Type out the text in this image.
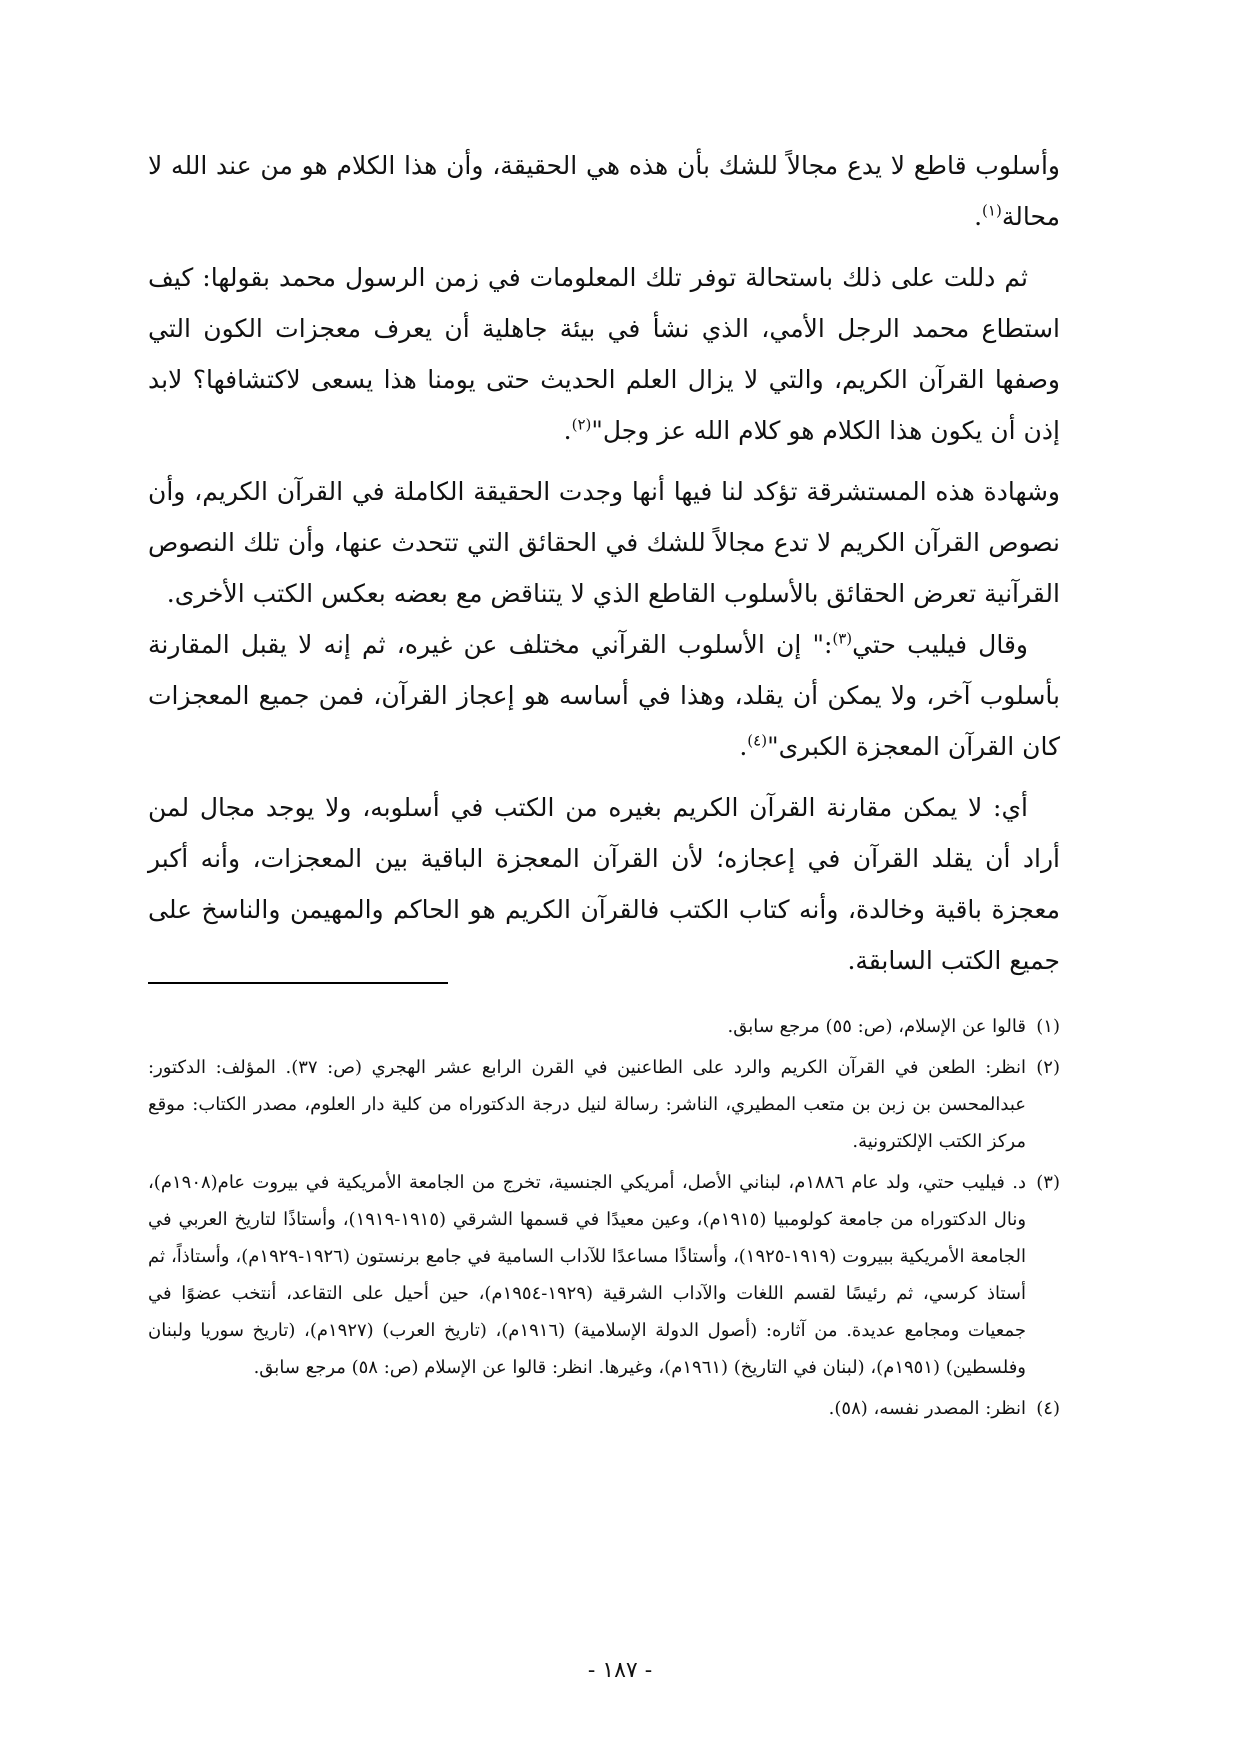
وأسلوب قاطع لا يدع مجالاً للشك بأن هذه هي الحقيقة، وأن هذا الكلام هو من عند الله لا محالة$^{(١)}$.

ثم دللت على ذلك باستحالة توفر تلك المعلومات في زمن الرسول محمد بقولها: كيف استطاع محمد الرجل الأمي، الذي نشأ في بيئة جاهلية أن يعرف معجزات الكون التي وصفها القرآن الكريم، والتي لا يزال العلم الحديث حتى يومنا هذا يسعى لاكتشافها؟ لابد إذن أن يكون هذا الكلام هو كلام الله عز وجل"$^{(٢)}$.

وشهادة هذه المستشرقة تؤكد لنا فيها أنها وجدت الحقيقة الكاملة في القرآن الكريم، وأن نصوص القرآن الكريم لا تدع مجالاً للشك في الحقائق التي تتحدث عنها، وأن تلك النصوص القرآنية تعرض الحقائق بالأسلوب القاطع الذي لا يتناقض مع بعضه بعكس الكتب الأخرى.

وقال فيليب حتي$^{(٣)}$:" إن الأسلوب القرآني مختلف عن غيره، ثم إنه لا يقبل المقارنة بأسلوب آخر، ولا يمكن أن يقلد، وهذا في أساسه هو إعجاز القرآن، فمن جميع المعجزات كان القرآن المعجزة الكبرى"$^{(٤)}$.

أي: لا يمكن مقارنة القرآن الكريم بغيره من الكتب في أسلوبه، ولا يوجد مجال لمن أراد أن يقلد القرآن في إعجازه؛ لأن القرآن المعجزة الباقية بين المعجزات، وأنه أكبر معجزة باقية وخالدة، وأنه كتاب الكتب فالقرآن الكريم هو الحاكم والمهيمن والناسخ على جميع الكتب السابقة.

(١)
قالوا عن الإسلام، (ص: ٥٥) مرجع سابق.
(٢)
انظر: الطعن في القرآن الكريم والرد على الطاعنين في القرن الرابع عشر الهجري (ص: ٣٧). المؤلف: الدكتور: عبدالمحسن بن زبن بن متعب المطيري، الناشر: رسالة لنيل درجة الدكتوراه من كلية دار العلوم، مصدر الكتاب: موقع مركز الكتب الإلكترونية.
(٣)
د. فيليب حتي، ولد عام ١٨٨٦م، لبناني الأصل، أمريكي الجنسية، تخرج من الجامعة الأمريكية في بيروت عام(١٩٠٨م)، ونال الدكتوراه من جامعة كولومبيا (١٩١٥م)، وعين معيدًا في قسمها الشرقي (١٩١٥-١٩١٩)، وأستاذًا لتاريخ العربي في الجامعة الأمريكية ببيروت (١٩١٩-١٩٢٥)، وأستاذًا مساعدًا للآداب السامية في جامع برنستون (١٩٢٦-١٩٢٩م)، وأستاذاً، ثم أستاذ كرسي، ثم رئيسًا لقسم اللغات والآداب الشرقية (١٩٢٩-١٩٥٤م)، حين أحيل على التقاعد، أنتخب عضوًا في جمعيات ومجامع عديدة. من آثاره: (أصول الدولة الإسلامية) (١٩١٦م)، (تاريخ العرب) (١٩٢٧م)، (تاريخ سوريا ولبنان وفلسطين) (١٩٥١م)، (لبنان في التاريخ) (١٩٦١م)، وغيرها. انظر: قالوا عن الإسلام (ص: ٥٨) مرجع سابق.
(٤)
انظر: المصدر نفسه، (٥٨).
- ١٨٧ -
